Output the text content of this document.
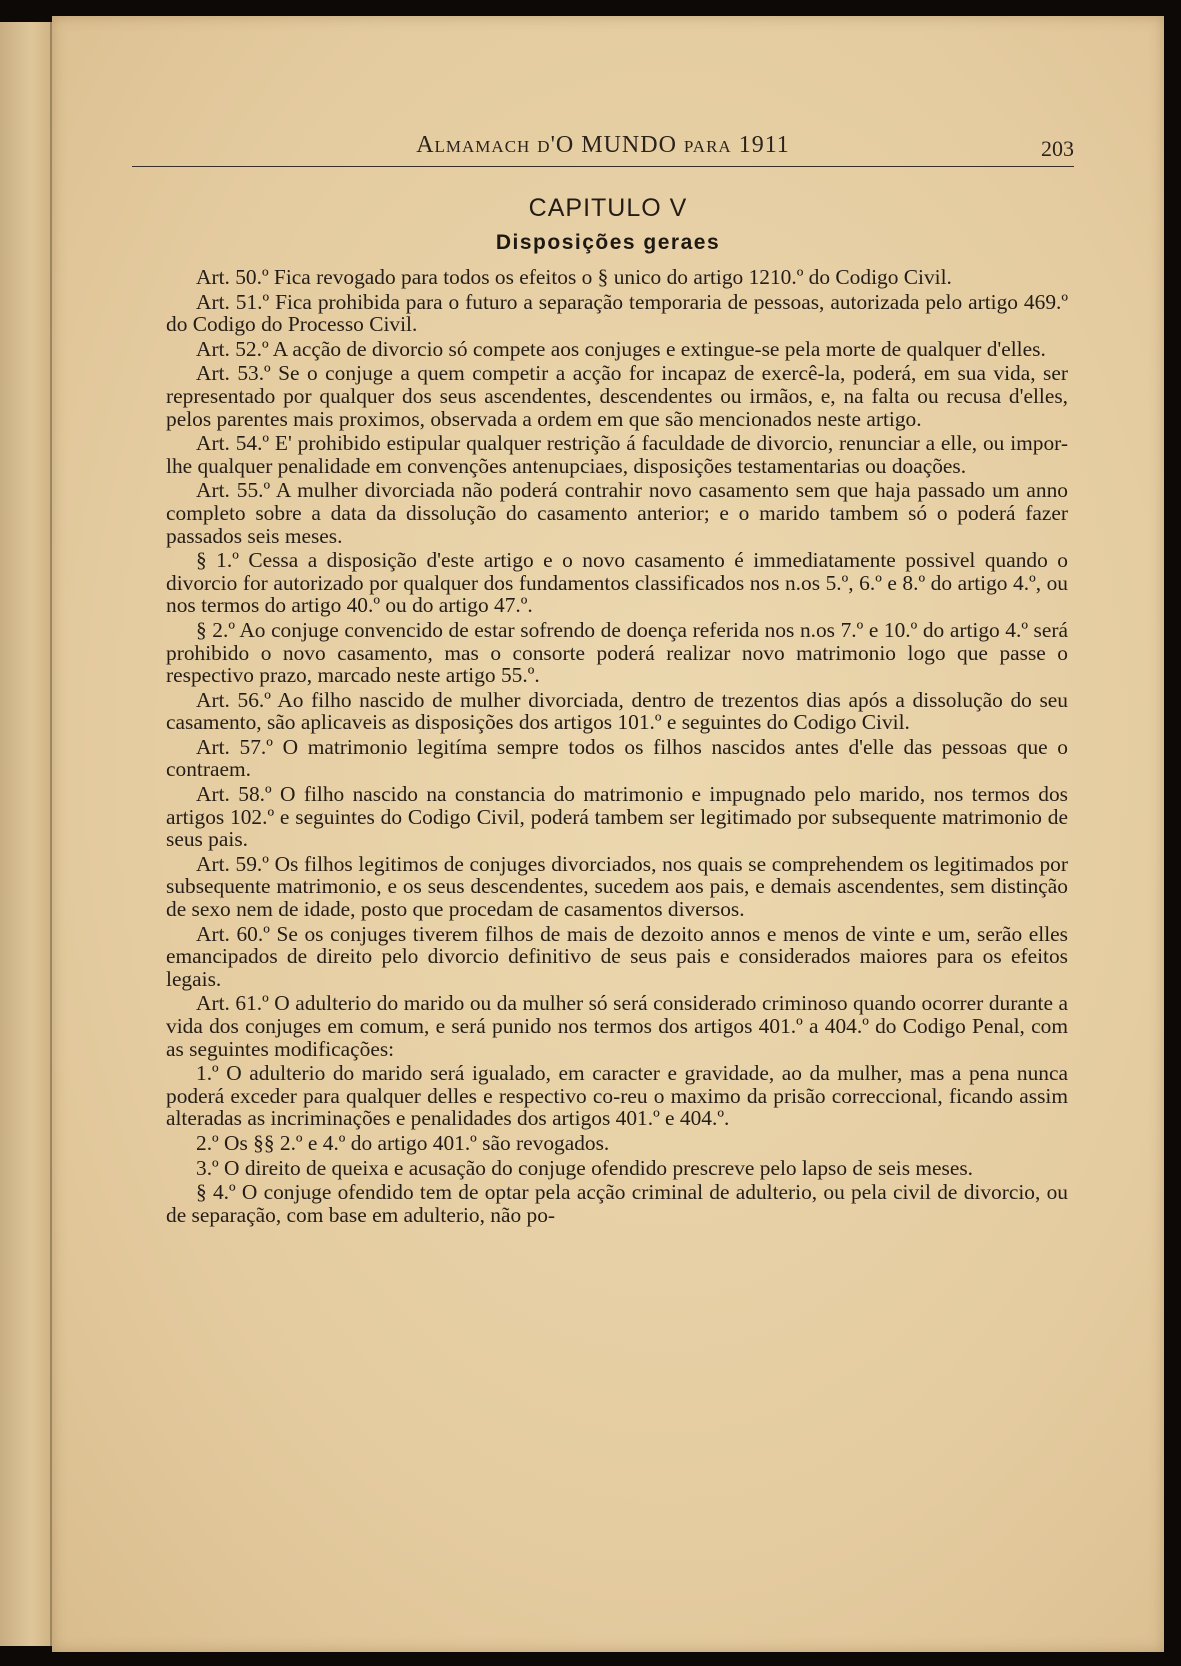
Almamach d'O MUNDO para 1911	203
CAPITULO V
Disposições geraes

Art. 50.º Fica revogado para todos os efeitos o § unico do artigo 1210.º do Codigo Civil.

Art. 51.º Fica prohibida para o futuro a separação temporaria de pessoas, autorizada pelo artigo 469.º do Codigo do Processo Civil.

Art. 52.º A acção de divorcio só compete aos conjuges e extingue-se pela morte de qualquer d'elles.

Art. 53.º Se o conjuge a quem competir a acção for incapaz de exercê-la, poderá, em sua vida, ser representado por qualquer dos seus ascendentes, descendentes ou irmãos, e, na falta ou recusa d'elles, pelos parentes mais proximos, observada a ordem em que são mencionados neste artigo.

Art. 54.º E' prohibido estipular qualquer restrição á faculdade de divorcio, renunciar a elle, ou impor-lhe qualquer penalidade em convenções antenupciaes, disposições testamentarias ou doações.

Art. 55.º A mulher divorciada não poderá contrahir novo casamento sem que haja passado um anno completo sobre a data da dissolução do casamento anterior; e o marido tambem só o poderá fazer passados seis meses.

§ 1.º Cessa a disposição d'este artigo e o novo casamento é immediatamente possivel quando o divorcio for autorizado por qualquer dos fundamentos classificados nos n.os 5.º, 6.º e 8.º do artigo 4.º, ou nos termos do artigo 40.º ou do artigo 47.º.

§ 2.º Ao conjuge convencido de estar sofrendo de doença referida nos n.os 7.º e 10.º do artigo 4.º será prohibido o novo casamento, mas o consorte poderá realizar novo matrimonio logo que passe o respectivo prazo, marcado neste artigo 55.º.

Art. 56.º Ao filho nascido de mulher divorciada, dentro de trezentos dias após a dissolução do seu casamento, são aplicaveis as disposições dos artigos 101.º e seguintes do Codigo Civil.

Art. 57.º O matrimonio legitíma sempre todos os filhos nascidos antes d'elle das pessoas que o contraem.

Art. 58.º O filho nascido na constancia do matrimonio e impugnado pelo marido, nos termos dos artigos 102.º e seguintes do Codigo Civil, poderá tambem ser legitimado por subsequente matrimonio de seus pais.

Art. 59.º Os filhos legitimos de conjuges divorciados, nos quais se comprehendem os legitimados por subsequente matrimonio, e os seus descendentes, sucedem aos pais, e demais ascendentes, sem distinção de sexo nem de idade, posto que procedam de casamentos diversos.

Art. 60.º Se os conjuges tiverem filhos de mais de dezoito annos e menos de vinte e um, serão elles emancipados de direito pelo divorcio definitivo de seus pais e considerados maiores para os efeitos legais.

Art. 61.º O adulterio do marido ou da mulher só será considerado criminoso quando ocorrer durante a vida dos conjuges em comum, e será punido nos termos dos artigos 401.º a 404.º do Codigo Penal, com as seguintes modificações:

1.º O adulterio do marido será igualado, em caracter e gravidade, ao da mulher, mas a pena nunca poderá exceder para qualquer delles e respectivo co-reu o maximo da prisão correccional, ficando assim alteradas as incriminações e penalidades dos artigos 401.º e 404.º.

2.º Os §§ 2.º e 4.º do artigo 401.º são revogados.

3.º O direito de queixa e acusação do conjuge ofendido prescreve pelo lapso de seis meses.

§ 4.º O conjuge ofendido tem de optar pela acção criminal de adulterio, ou pela civil de divorcio, ou de separação, com base em adulterio, não po-
